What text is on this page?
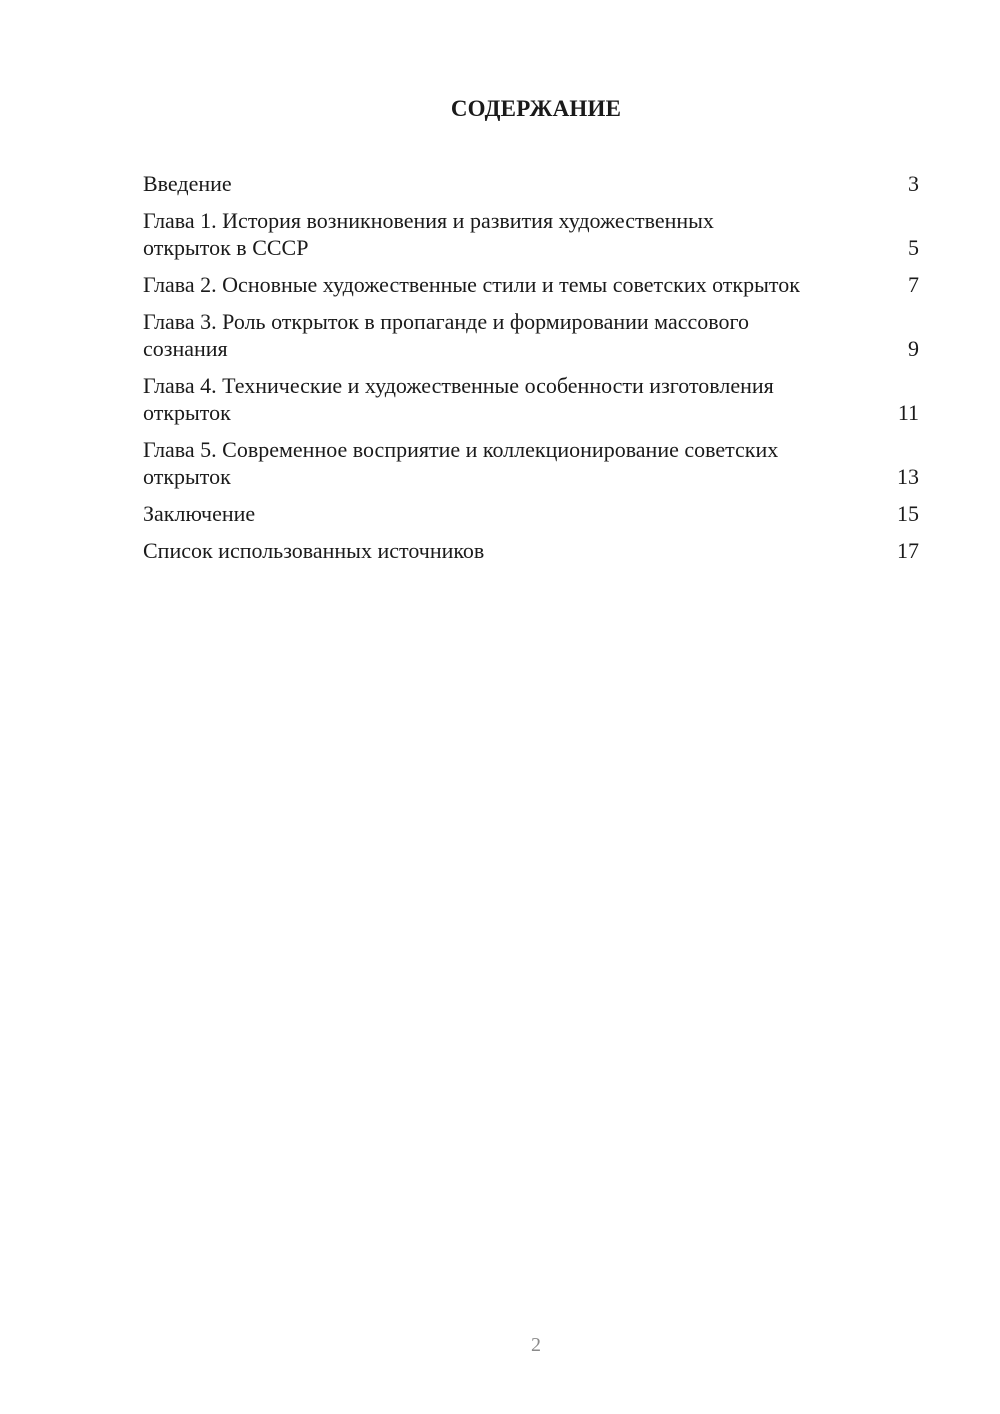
СОДЕРЖАНИЕ
Введение	3
Глава 1. История возникновения и развития художественных открыток в СССР	5
Глава 2. Основные художественные стили и темы советских открыток	7
Глава 3. Роль открыток в пропаганде и формировании массового сознания	9
Глава 4. Технические и художественные особенности изготовления открыток	11
Глава 5. Современное восприятие и коллекционирование советских открыток	13
Заключение	15
Список использованных источников	17
2
